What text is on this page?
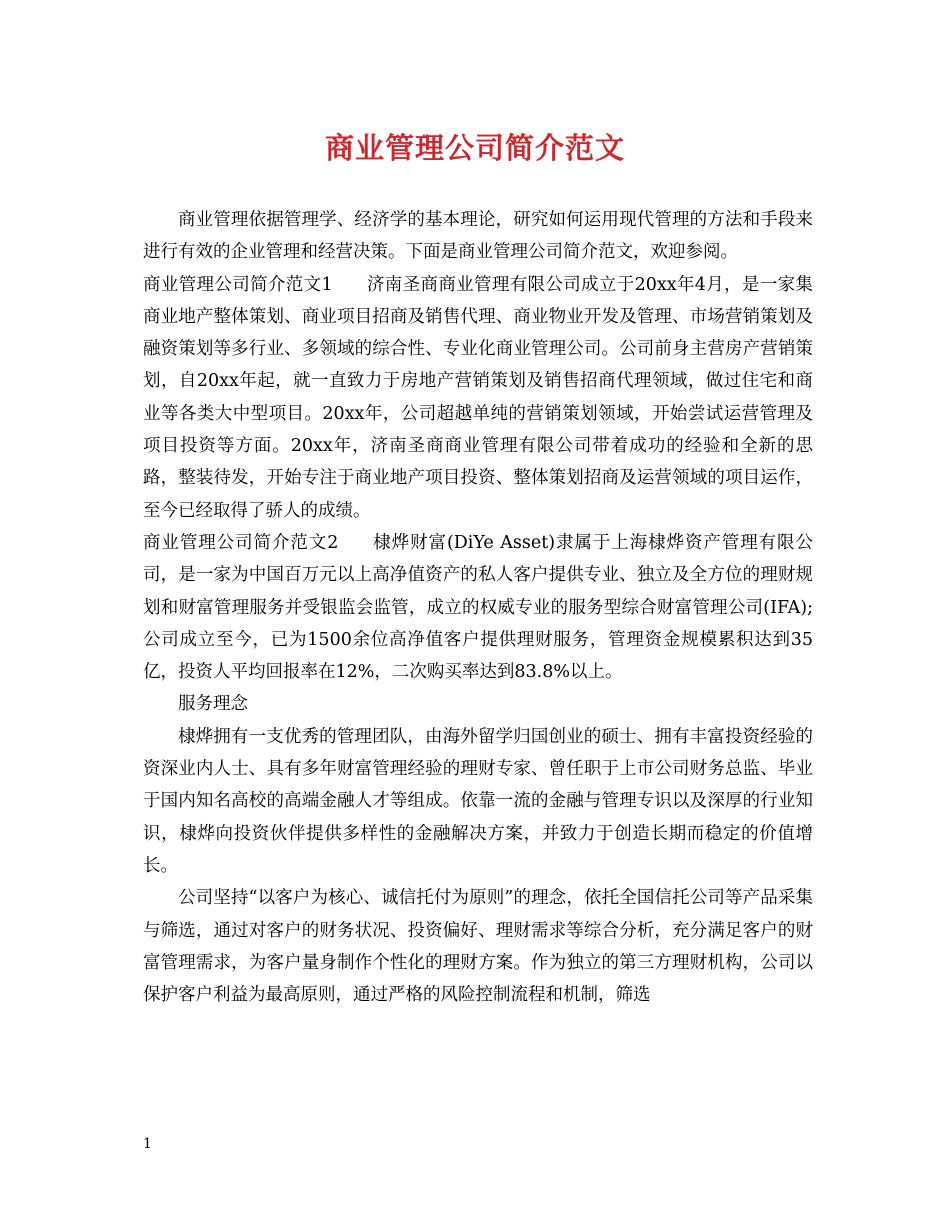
商业管理公司简介范文

商业管理依据管理学、经济学的基本理论，研究如何运用现代管理的方法和手段来进行有效的企业管理和经营决策。下面是商业管理公司简介范文，欢迎参阅。

商业管理公司简介范文1 济南圣商商业管理有限公司成立于20xx年4月，是一家集商业地产整体策划、商业项目招商及销售代理、商业物业开发及管理、市场营销策划及融资策划等多行业、多领域的综合性、专业化商业管理公司。公司前身主营房产营销策划，自20xx年起，就一直致力于房地产营销策划及销售招商代理领域，做过住宅和商业等各类大中型项目。20xx年，公司超越单纯的营销策划领域，开始尝试运营管理及项目投资等方面。20xx年，济南圣商商业管理有限公司带着成功的经验和全新的思路，整装待发，开始专注于商业地产项目投资、整体策划招商及运营领域的项目运作，至今已经取得了骄人的成绩。

商业管理公司简介范文2 棣烨财富(DiYe Asset)隶属于上海棣烨资产管理有限公司，是一家为中国百万元以上高净值资产的私人客户提供专业、独立及全方位的理财规划和财富管理服务并受银监会监管，成立的权威专业的服务型综合财富管理公司(IFA);公司成立至今，已为1500余位高净值客户提供理财服务，管理资金规模累积达到35亿，投资人平均回报率在12%，二次购买率达到83.8%以上。

服务理念

棣烨拥有一支优秀的管理团队，由海外留学归国创业的硕士、拥有丰富投资经验的资深业内人士、具有多年财富管理经验的理财专家、曾任职于上市公司财务总监、毕业于国内知名高校的高端金融人才等组成。依靠一流的金融与管理专识以及深厚的行业知识，棣烨向投资伙伴提供多样性的金融解决方案，并致力于创造长期而稳定的价值增长。

公司坚持“以客户为核心、诚信托付为原则”的理念，依托全国信托公司等产品采集与筛选，通过对客户的财务状况、投资偏好、理财需求等综合分析，充分满足客户的财富管理需求，为客户量身制作个性化的理财方案。作为独立的第三方理财机构，公司以保护客户利益为最高原则，通过严格的风险控制流程和机制，筛选

1
